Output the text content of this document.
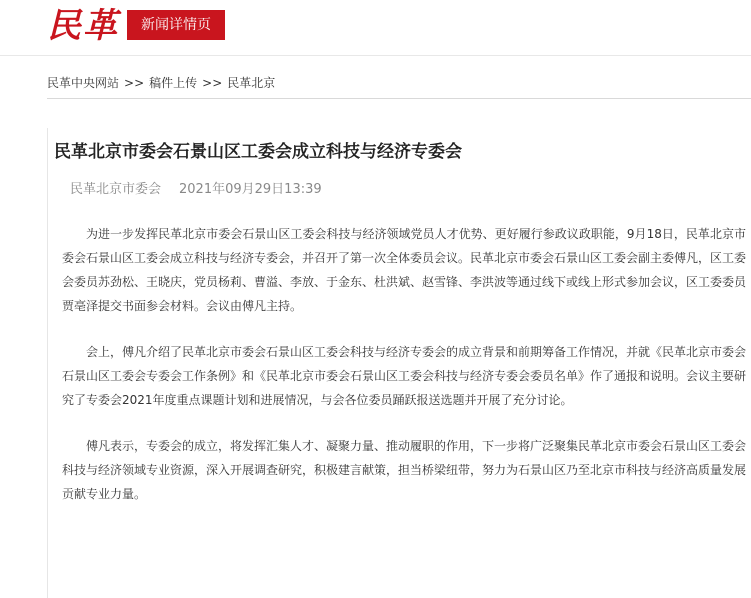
民革	新闻详情页
民革中央网站 >> 稿件上传 >> 民革北京
民革北京市委会石景山区工委会成立科技与经济专委会
民革北京市委会 2021年09月29日13:39

为进一步发挥民革北京市委会石景山区工委会科技与经济领域党员人才优势、更好履行参政议政职能，9月18日，民革北京市委会石景山区工委会成立科技与经济专委会，并召开了第一次全体委员会议。民革北京市委会石景山区工委会副主委傅凡，区工委会委员苏劲松、王晓庆，党员杨莉、曹溢、李放、于金东、杜洪斌、赵雪锋、李洪波等通过线下或线上形式参加会议，区工委委员贾亳泽提交书面参会材料。会议由傅凡主持。

会上，傅凡介绍了民革北京市委会石景山区工委会科技与经济专委会的成立背景和前期筹备工作情况，并就《民革北京市委会石景山区工委会专委会工作条例》和《民革北京市委会石景山区工委会科技与经济专委会委员名单》作了通报和说明。会议主要研究了专委会2021年度重点课题计划和进展情况，与会各位委员踊跃报送选题并开展了充分讨论。

傅凡表示，专委会的成立，将发挥汇集人才、凝聚力量、推动履职的作用，下一步将广泛聚集民革北京市委会石景山区工委会科技与经济领域专业资源，深入开展调查研究，积极建言献策，担当桥梁纽带，努力为石景山区乃至北京市科技与经济高质量发展贡献专业力量。
